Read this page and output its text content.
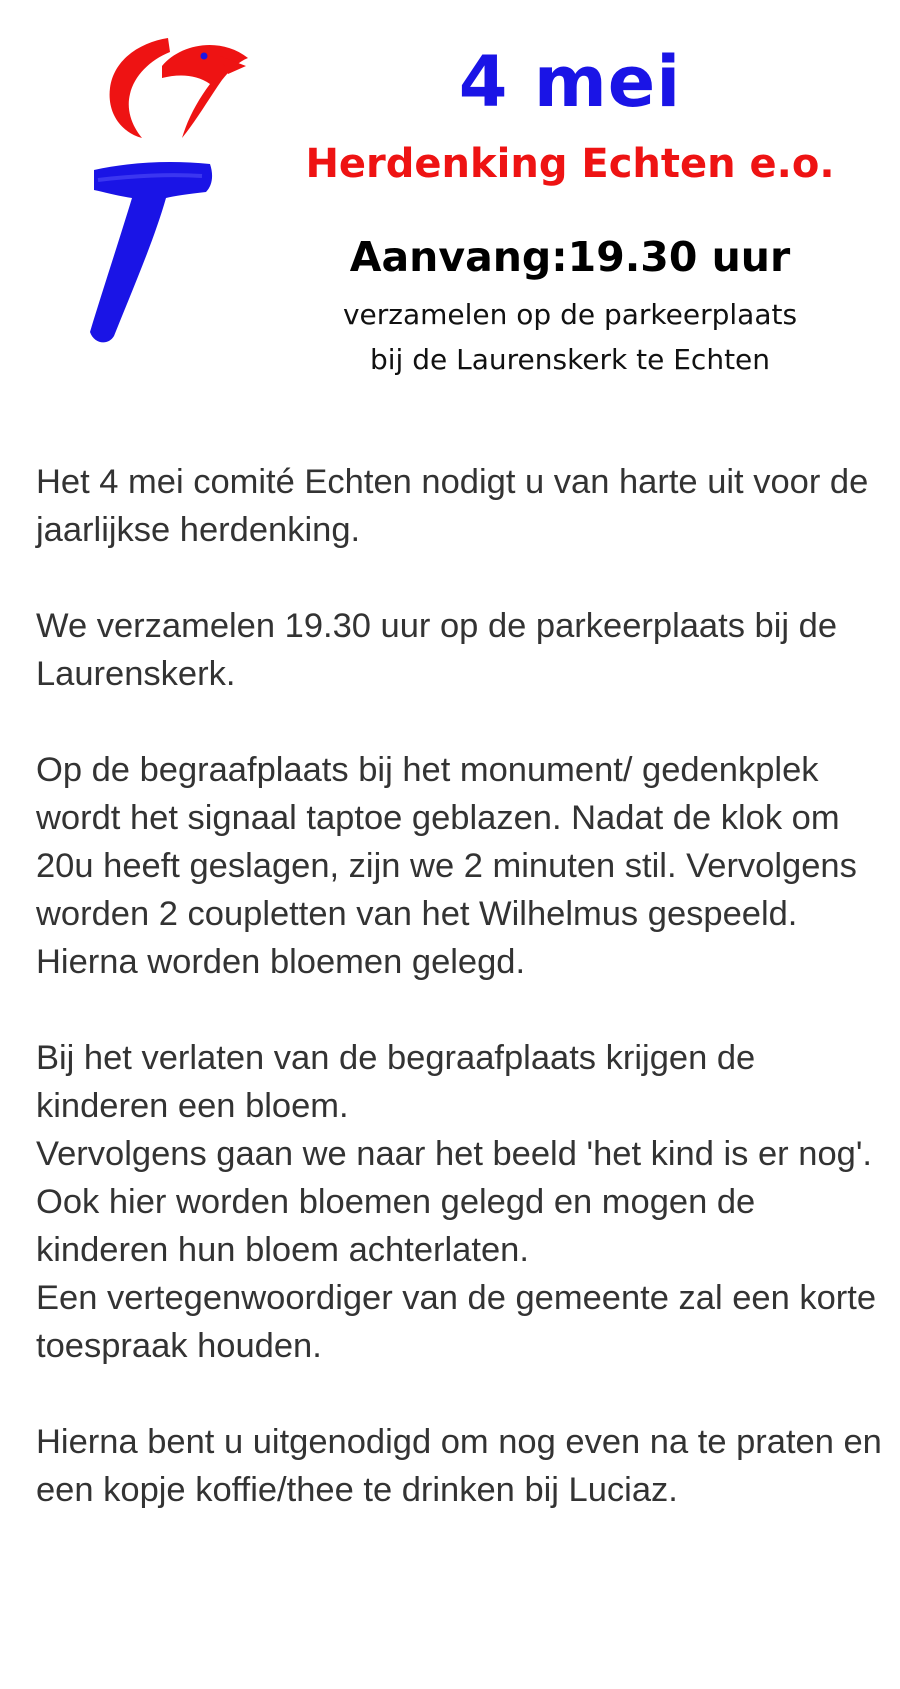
4 mei
Herdenking Echten e.o.
Aanvang:19.30 uur
verzamelen op de parkeerplaats
bij de Laurenskerk te Echten

Het 4 mei comité Echten nodigt u van harte uit voor de jaarlijkse herdenking.

We verzamelen 19.30 uur op de parkeerplaats bij de Laurenskerk.

Op de begraafplaats bij het monument/ gedenkplek wordt het signaal taptoe geblazen. Nadat de klok om 20u heeft geslagen, zijn we 2 minuten stil. Vervolgens worden 2 coupletten van het Wilhelmus gespeeld. Hierna worden bloemen gelegd.

Bij het verlaten van de begraafplaats krijgen de kinderen een bloem.
Vervolgens gaan we naar het beeld 'het kind is er nog'.
Ook hier worden bloemen gelegd en mogen de kinderen hun bloem achterlaten.
Een vertegenwoordiger van de gemeente zal een korte toespraak houden.

Hierna bent u uitgenodigd om nog even na te praten en een kopje koffie/thee te drinken bij Luciaz.
